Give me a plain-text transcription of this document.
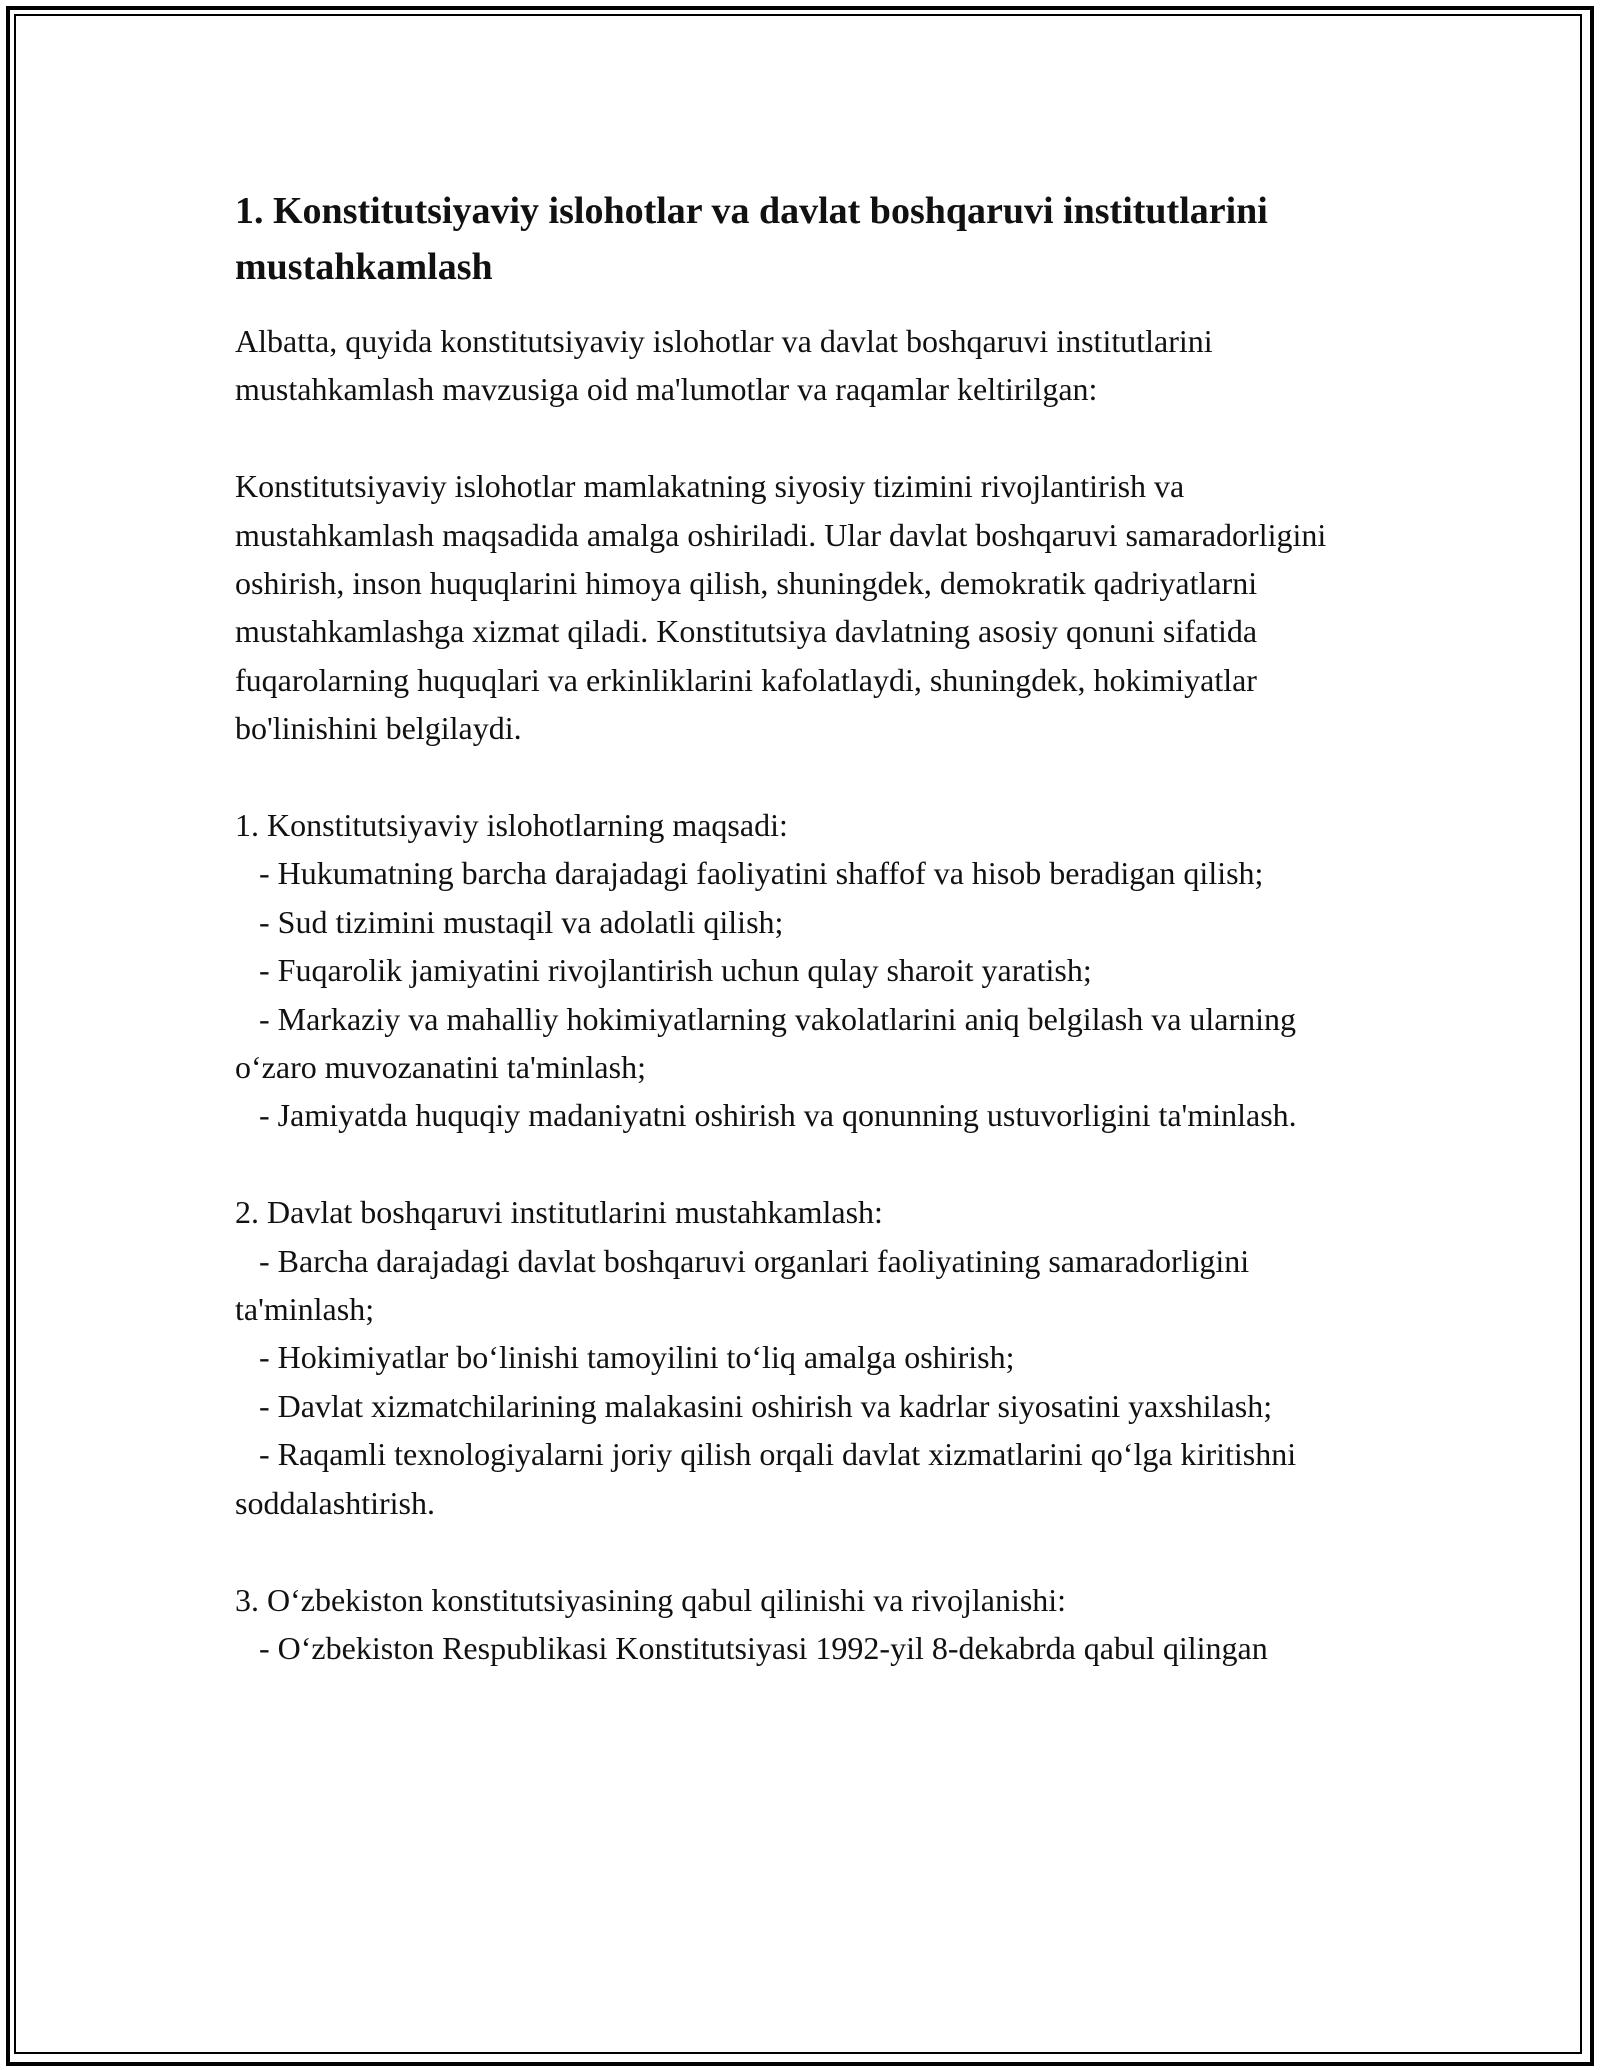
1. Konstitutsiyaviy islohotlar va davlat boshqaruvi institutlarini mustahkamlash

Albatta, quyida konstitutsiyaviy islohotlar va davlat boshqaruvi institutlarini mustahkamlash mavzusiga oid ma'lumotlar va raqamlar keltirilgan:

Konstitutsiyaviy islohotlar mamlakatning siyosiy tizimini rivojlantirish va mustahkamlash maqsadida amalga oshiriladi. Ular davlat boshqaruvi samaradorligini oshirish, inson huquqlarini himoya qilish, shuningdek, demokratik qadriyatlarni mustahkamlashga xizmat qiladi. Konstitutsiya davlatning asosiy qonuni sifatida fuqarolarning huquqlari va erkinliklarini kafolatlaydi, shuningdek, hokimiyatlar bo'linishini belgilaydi.

1. Konstitutsiyaviy islohotlarning maqsadi:

- Hukumatning barcha darajadagi faoliyatini shaffof va hisob beradigan qilish;

- Sud tizimini mustaqil va adolatli qilish;

- Fuqarolik jamiyatini rivojlantirish uchun qulay sharoit yaratish;

- Markaziy va mahalliy hokimiyatlarning vakolatlarini aniq belgilash va ularning o‘zaro muvozanatini ta'minlash;

- Jamiyatda huquqiy madaniyatni oshirish va qonunning ustuvorligini ta'minlash.

2. Davlat boshqaruvi institutlarini mustahkamlash:

- Barcha darajadagi davlat boshqaruvi organlari faoliyatining samaradorligini ta'minlash;

- Hokimiyatlar bo‘linishi tamoyilini to‘liq amalga oshirish;

- Davlat xizmatchilarining malakasini oshirish va kadrlar siyosatini yaxshilash;

- Raqamli texnologiyalarni joriy qilish orqali davlat xizmatlarini qo‘lga kiritishni soddalashtirish.

3. O‘zbekiston konstitutsiyasining qabul qilinishi va rivojlanishi:

- O‘zbekiston Respublikasi Konstitutsiyasi 1992-yil 8-dekabrda qabul qilingan
